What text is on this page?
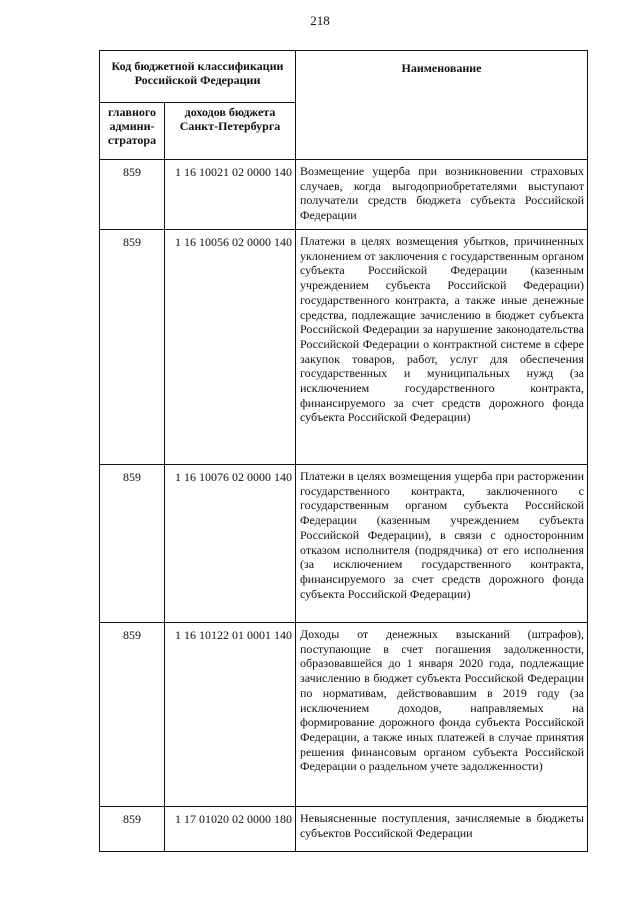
218
Код бюджетной классификации Российской Федерации		Наименование
главного админи-стратора	доходов бюджета Санкт-Петербурга	
859	1 16 10021 02 0000 140	Возмещение ущерба при возникновении страховых случаев, когда выгодоприобретателями выступают получатели средств бюджета субъекта Российской Федерации
859	1 16 10056 02 0000 140	Платежи в целях возмещения убытков, причиненных уклонением от заключения с государственным органом субъекта Российской Федерации (казенным учреждением субъекта Российской Федерации) государственного контракта, а также иные денежные средства, подлежащие зачислению в бюджет субъекта Российской Федерации за нарушение законодательства Российской Федерации о контрактной системе в сфере закупок товаров, работ, услуг для обеспечения государственных и муниципальных нужд (за исключением государственного контракта, финансируемого за счет средств дорожного фонда субъекта Российской Федерации)
859	1 16 10076 02 0000 140	Платежи в целях возмещения ущерба при расторжении государственного контракта, заключенного с государственным органом субъекта Российской Федерации (казенным учреждением субъекта Российской Федерации), в связи с односторонним отказом исполнителя (подрядчика) от его исполнения (за исключением государственного контракта, финансируемого за счет средств дорожного фонда субъекта Российской Федерации)
859	1 16 10122 01 0001 140	Доходы от денежных взысканий (штрафов), поступающие в счет погашения задолженности, образовавшейся до 1 января 2020 года, подлежащие зачислению в бюджет субъекта Российской Федерации по нормативам, действовавшим в 2019 году (за исключением доходов, направляемых на формирование дорожного фонда субъекта Российской Федерации, а также иных платежей в случае принятия решения финансовым органом субъекта Российской Федерации о раздельном учете задолженности)
859	1 17 01020 02 0000 180	Невыясненные поступления, зачисляемые в бюджеты субъектов Российской Федерации
